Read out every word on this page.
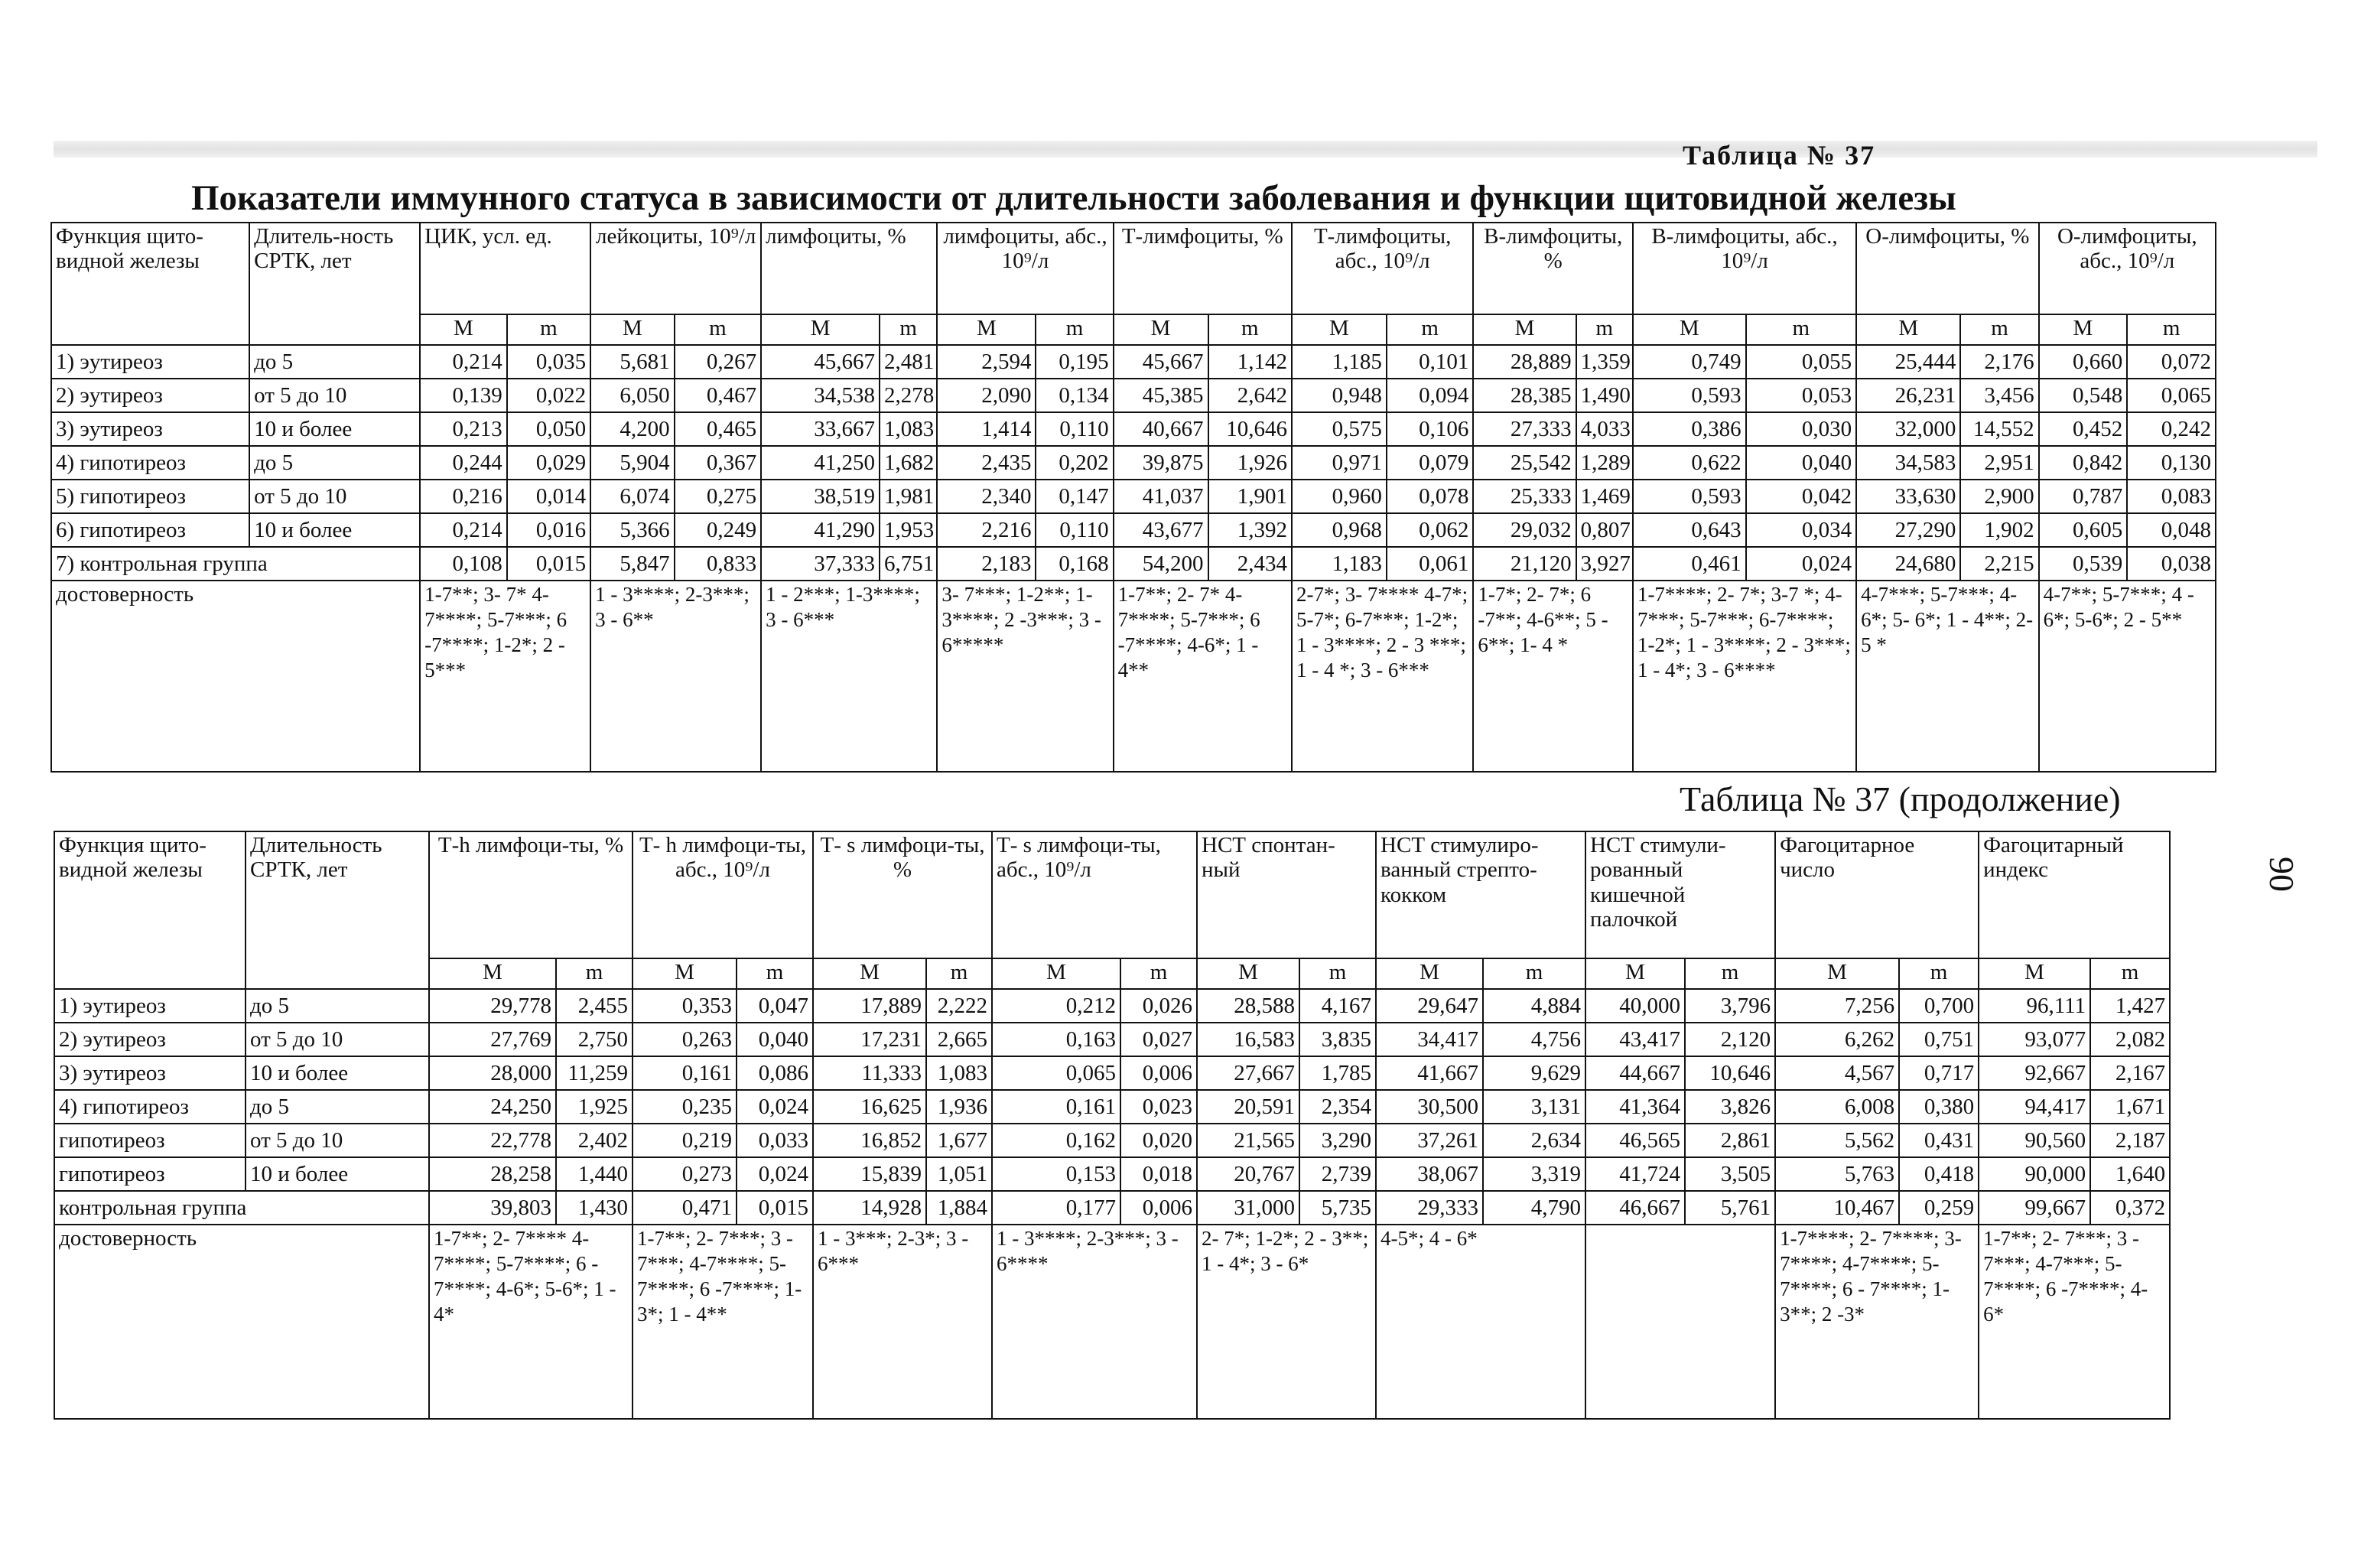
Таблица № 37
Показатели иммунного статуса в зависимости от длительности заболевания и функции щитовидной железы
Функция щито-видной железы	Длитель-ность СРТК, лет	ЦИК, усл. ед.		лейкоциты, 10⁹/л		лимфоциты, %		лимфоциты, абс., 10⁹/л		Т-лимфоциты, %		Т-лимфоциты, абс., 10⁹/л		В-лимфоциты, %		В-лимфоциты, абс., 10⁹/л		О-лимфоциты, %		О-лимфоциты, абс., 10⁹/л	
		M	m	M	m	M	m	M	m	M	m	M	m	M	m	M	m	M	m	M	m
1) эутиреоз	до 5	0,214	0,035	5,681	0,267	45,667	2,481	2,594	0,195	45,667	1,142	1,185	0,101	28,889	1,359	0,749	0,055	25,444	2,176	0,660	0,072
2) эутиреоз	от 5 до 10	0,139	0,022	6,050	0,467	34,538	2,278	2,090	0,134	45,385	2,642	0,948	0,094	28,385	1,490	0,593	0,053	26,231	3,456	0,548	0,065
3) эутиреоз	10 и более	0,213	0,050	4,200	0,465	33,667	1,083	1,414	0,110	40,667	10,646	0,575	0,106	27,333	4,033	0,386	0,030	32,000	14,552	0,452	0,242
4) гипотиреоз	до 5	0,244	0,029	5,904	0,367	41,250	1,682	2,435	0,202	39,875	1,926	0,971	0,079	25,542	1,289	0,622	0,040	34,583	2,951	0,842	0,130
5) гипотиреоз	от 5 до 10	0,216	0,014	6,074	0,275	38,519	1,981	2,340	0,147	41,037	1,901	0,960	0,078	25,333	1,469	0,593	0,042	33,630	2,900	0,787	0,083
6) гипотиреоз	10 и более	0,214	0,016	5,366	0,249	41,290	1,953	2,216	0,110	43,677	1,392	0,968	0,062	29,032	0,807	0,643	0,034	27,290	1,902	0,605	0,048
7) контрольная группа		0,108	0,015	5,847	0,833	37,333	6,751	2,183	0,168	54,200	2,434	1,183	0,061	21,120	3,927	0,461	0,024	24,680	2,215	0,539	0,038
достоверность		1-7**; 3- 7* 4-7****; 5-7***; 6 -7****; 1-2*; 2 - 5***		1 - 3****; 2-3***; 3 - 6**		1 - 2***; 1-3****; 3 - 6***		3- 7***; 1-2**; 1-3****; 2 -3***; 3 - 6*****		1-7**; 2- 7* 4-7****; 5-7***; 6 -7****; 4-6*; 1 - 4**		2-7*; 3- 7**** 4-7*; 5-7*; 6-7***; 1-2*; 1 - 3****; 2 - 3 ***; 1 - 4 *; 3 - 6***		1-7*; 2- 7*; 6 -7**; 4-6**; 5 - 6**; 1- 4 *		1-7****; 2- 7*; 3-7 *; 4-7***; 5-7***; 6-7****; 1-2*; 1 - 3****; 2 - 3***; 1 - 4*; 3 - 6****		4-7***; 5-7***; 4-6*; 5- 6*; 1 - 4**; 2- 5 *		4-7**; 5-7***; 4 - 6*; 5-6*; 2 - 5**	
Таблица № 37 (продолжение)
Функция щито-видной железы	Длительность СРТК, лет	Т-h лимфоци-ты, %		Т- h лимфоци-ты, абс., 10⁹/л		Т- s лимфоци-ты, %		Т- s лимфоци-ты, абс., 10⁹/л		НСТ спонтан-ный		НСТ стимулиро-ванный стрепто-кокком		НСТ стимули-рованный кишечной палочкой		Фагоцитарное число		Фагоцитарный индекс	
		M	m	M	m	M	m	M	m	M	m	M	m	M	m	M	m	M	m
1) эутиреоз	до 5	29,778	2,455	0,353	0,047	17,889	2,222	0,212	0,026	28,588	4,167	29,647	4,884	40,000	3,796	7,256	0,700	96,111	1,427
2) эутиреоз	от 5 до 10	27,769	2,750	0,263	0,040	17,231	2,665	0,163	0,027	16,583	3,835	34,417	4,756	43,417	2,120	6,262	0,751	93,077	2,082
3) эутиреоз	10 и более	28,000	11,259	0,161	0,086	11,333	1,083	0,065	0,006	27,667	1,785	41,667	9,629	44,667	10,646	4,567	0,717	92,667	2,167
4) гипотиреоз	до 5	24,250	1,925	0,235	0,024	16,625	1,936	0,161	0,023	20,591	2,354	30,500	3,131	41,364	3,826	6,008	0,380	94,417	1,671
гипотиреоз	от 5 до 10	22,778	2,402	0,219	0,033	16,852	1,677	0,162	0,020	21,565	3,290	37,261	2,634	46,565	2,861	5,562	0,431	90,560	2,187
гипотиреоз	10 и более	28,258	1,440	0,273	0,024	15,839	1,051	0,153	0,018	20,767	2,739	38,067	3,319	41,724	3,505	5,763	0,418	90,000	1,640
контрольная группа		39,803	1,430	0,471	0,015	14,928	1,884	0,177	0,006	31,000	5,735	29,333	4,790	46,667	5,761	10,467	0,259	99,667	0,372
достоверность		1-7**; 2- 7**** 4-7****; 5-7****; 6 - 7****; 4-6*; 5-6*; 1 - 4*		1-7**; 2- 7***; 3 - 7***; 4-7****; 5-7****; 6 -7****; 1-3*; 1 - 4**		1 - 3***; 2-3*; 3 - 6***		1 - 3****; 2-3***; 3 - 6****		2- 7*; 1-2*; 2 - 3**; 1 - 4*; 3 - 6*		4-5*; 4 - 6*				1-7****; 2- 7****; 3-7****; 4-7****; 5-7****; 6 - 7****; 1-3**; 2 -3*		1-7**; 2- 7***; 3 - 7***; 4-7***; 5-7****; 6 -7****; 4-6*	
90
